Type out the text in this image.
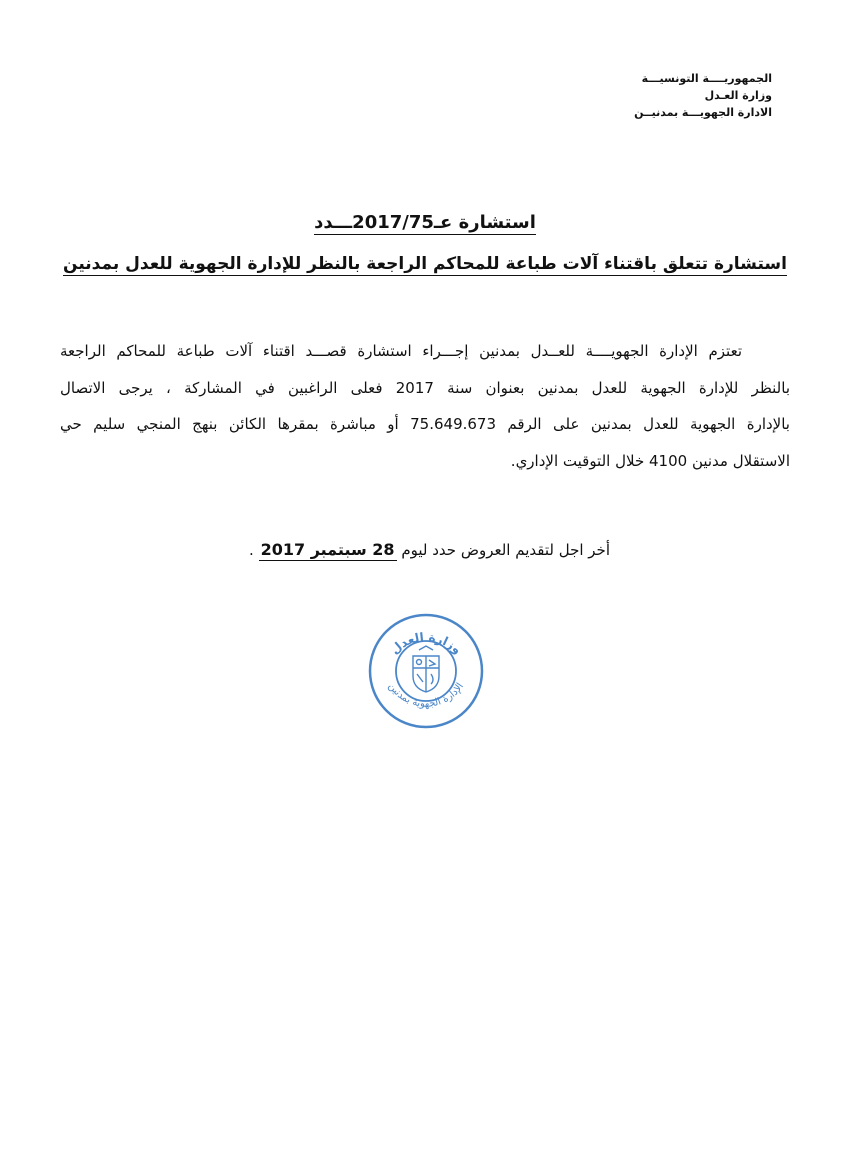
الجمهوريــــة التونسيـــة
وزارة العـدل
الادارة الجهويـــة بمدنيــن
استشارة عـ2017/75ـــدد
استشارة تتعلق باقتناء آلات طباعة للمحاكم الراجعة بالنظر للإدارة الجهوية للعدل بمدنين
تعتزم الإدارة الجهويــــة للعــدل بمدنين إجـــراء استشارة قصـــد اقتناء آلات طباعة للمحاكم الراجعة
بالنظر للإدارة الجهوية للعدل بمدنين بعنوان سنة 2017 فعلى الراغبين في المشاركة ، يرجى الاتصال
بالإدارة الجهوية للعدل بمدنين على الرقم 75.649.673 أو مباشرة بمقرها الكائن بنهج المنجي سليم حي
الاستقلال مدنين 4100 خلال التوقيت الإداري.
أخر اجل لتقديم العروض حدد ليوم 28 سبتمبر 2017 .
وزارة العدل
الإدارة الجهوية بمدنين
